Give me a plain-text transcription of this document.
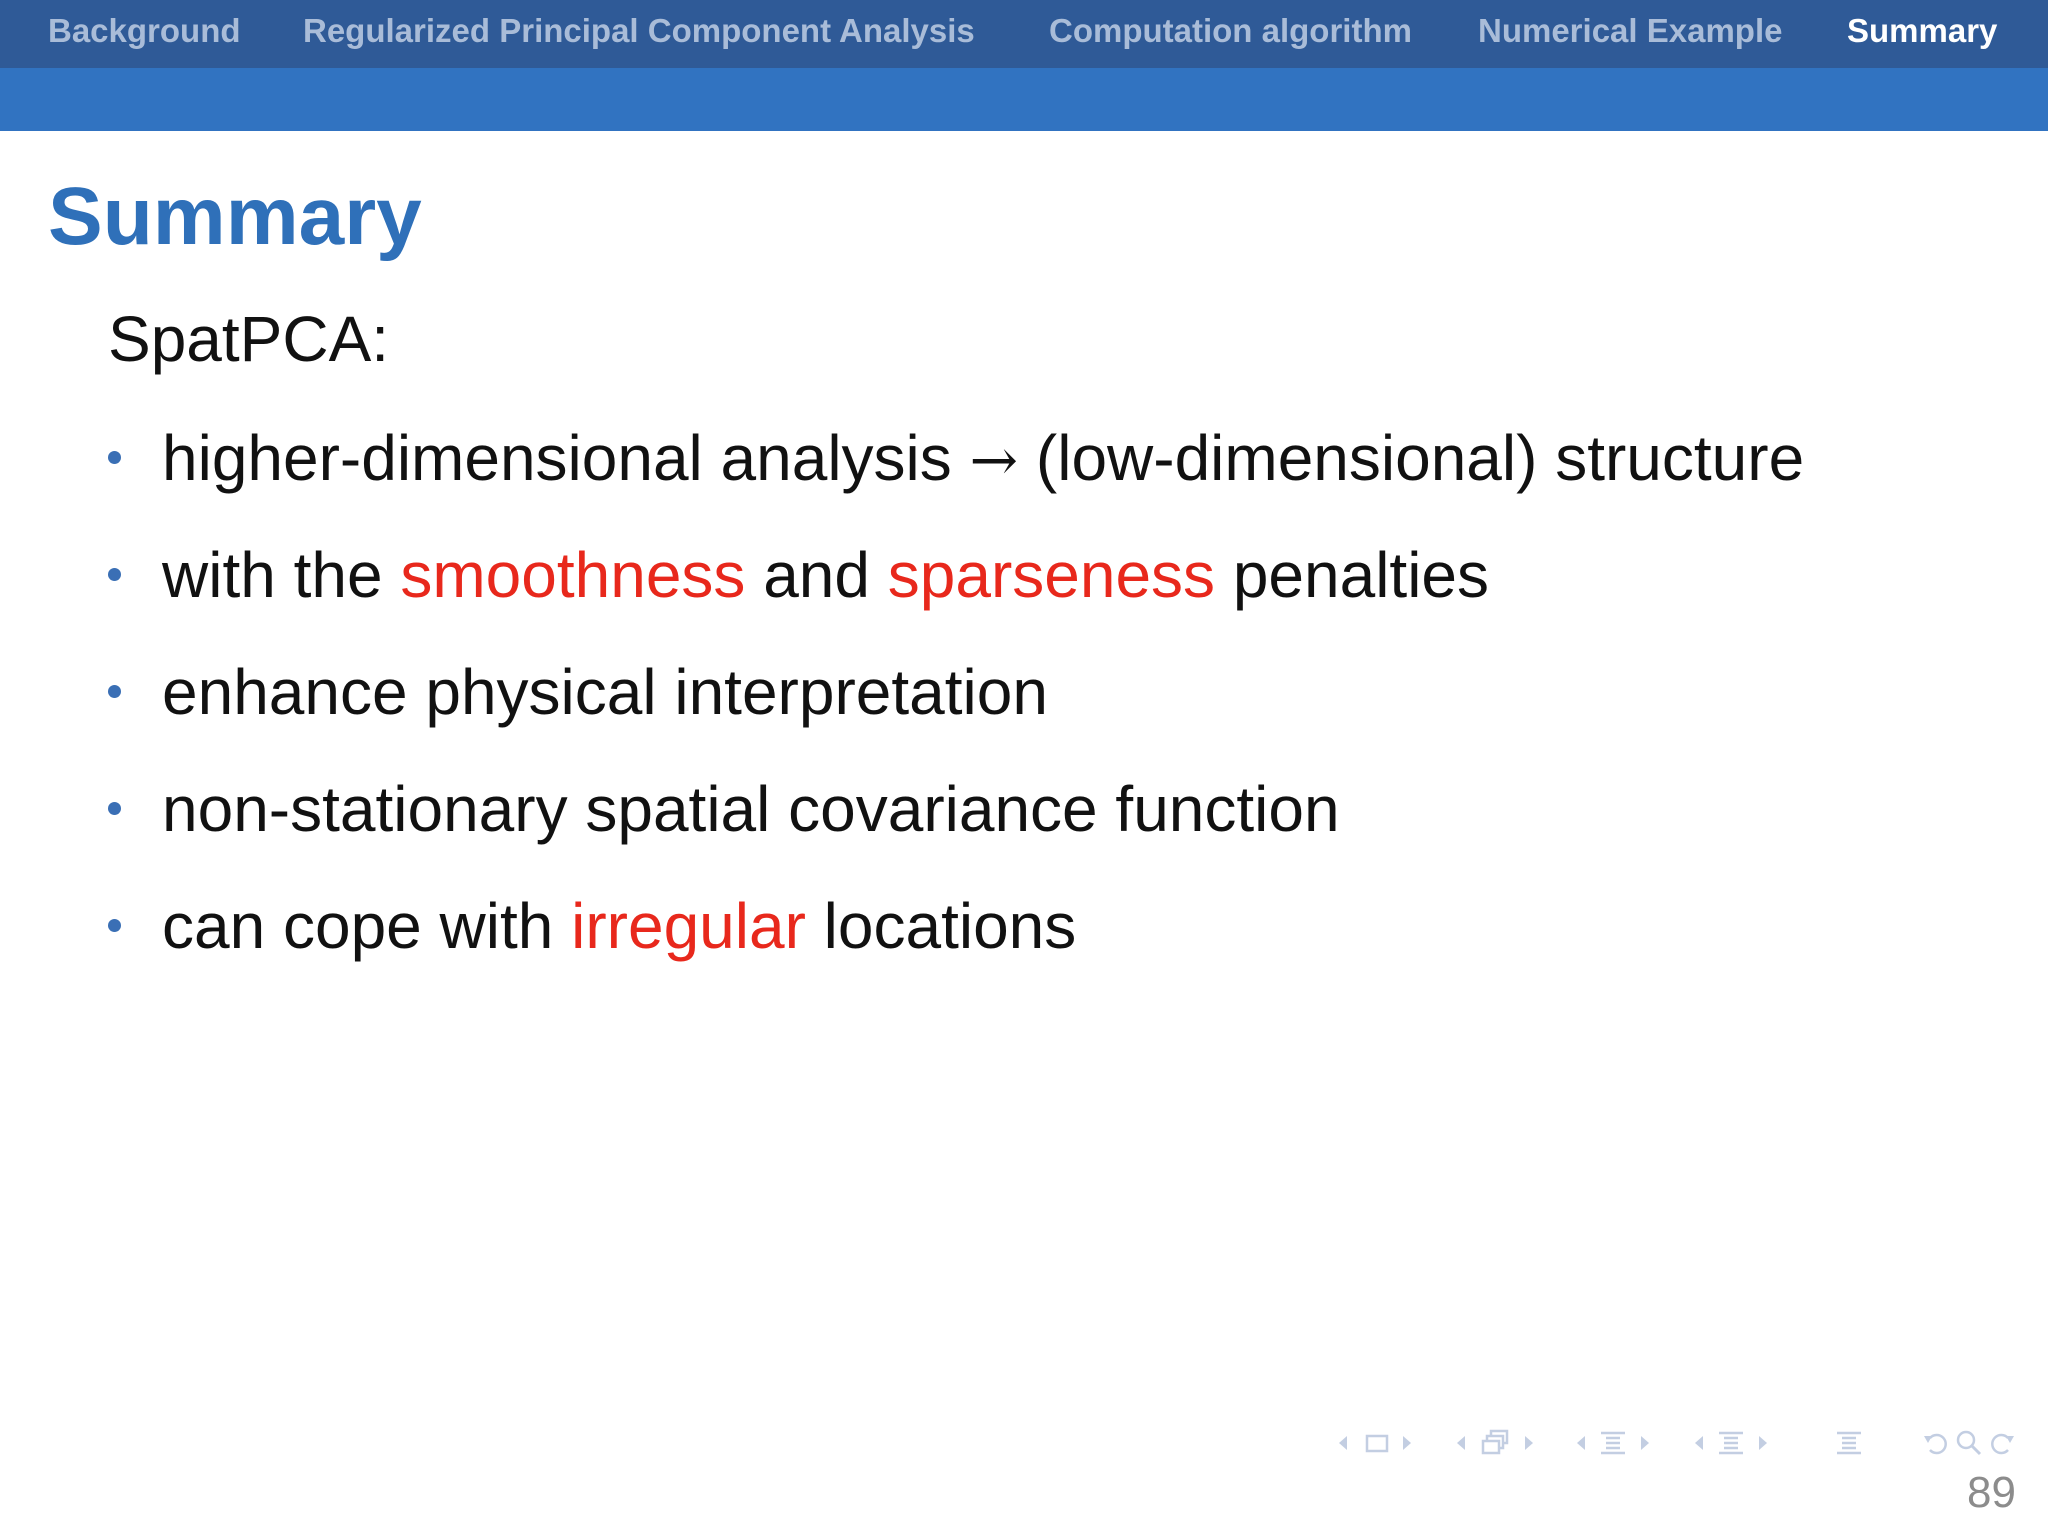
Background Regularized Principal Component Analysis Computation algorithm Numerical Example Summary
Summary
SpatPCA:
higher-dimensional analysis → (low-dimensional) structure
with the smoothness and sparseness penalties
enhance physical interpretation
non-stationary spatial covariance function
can cope with irregular locations
89
